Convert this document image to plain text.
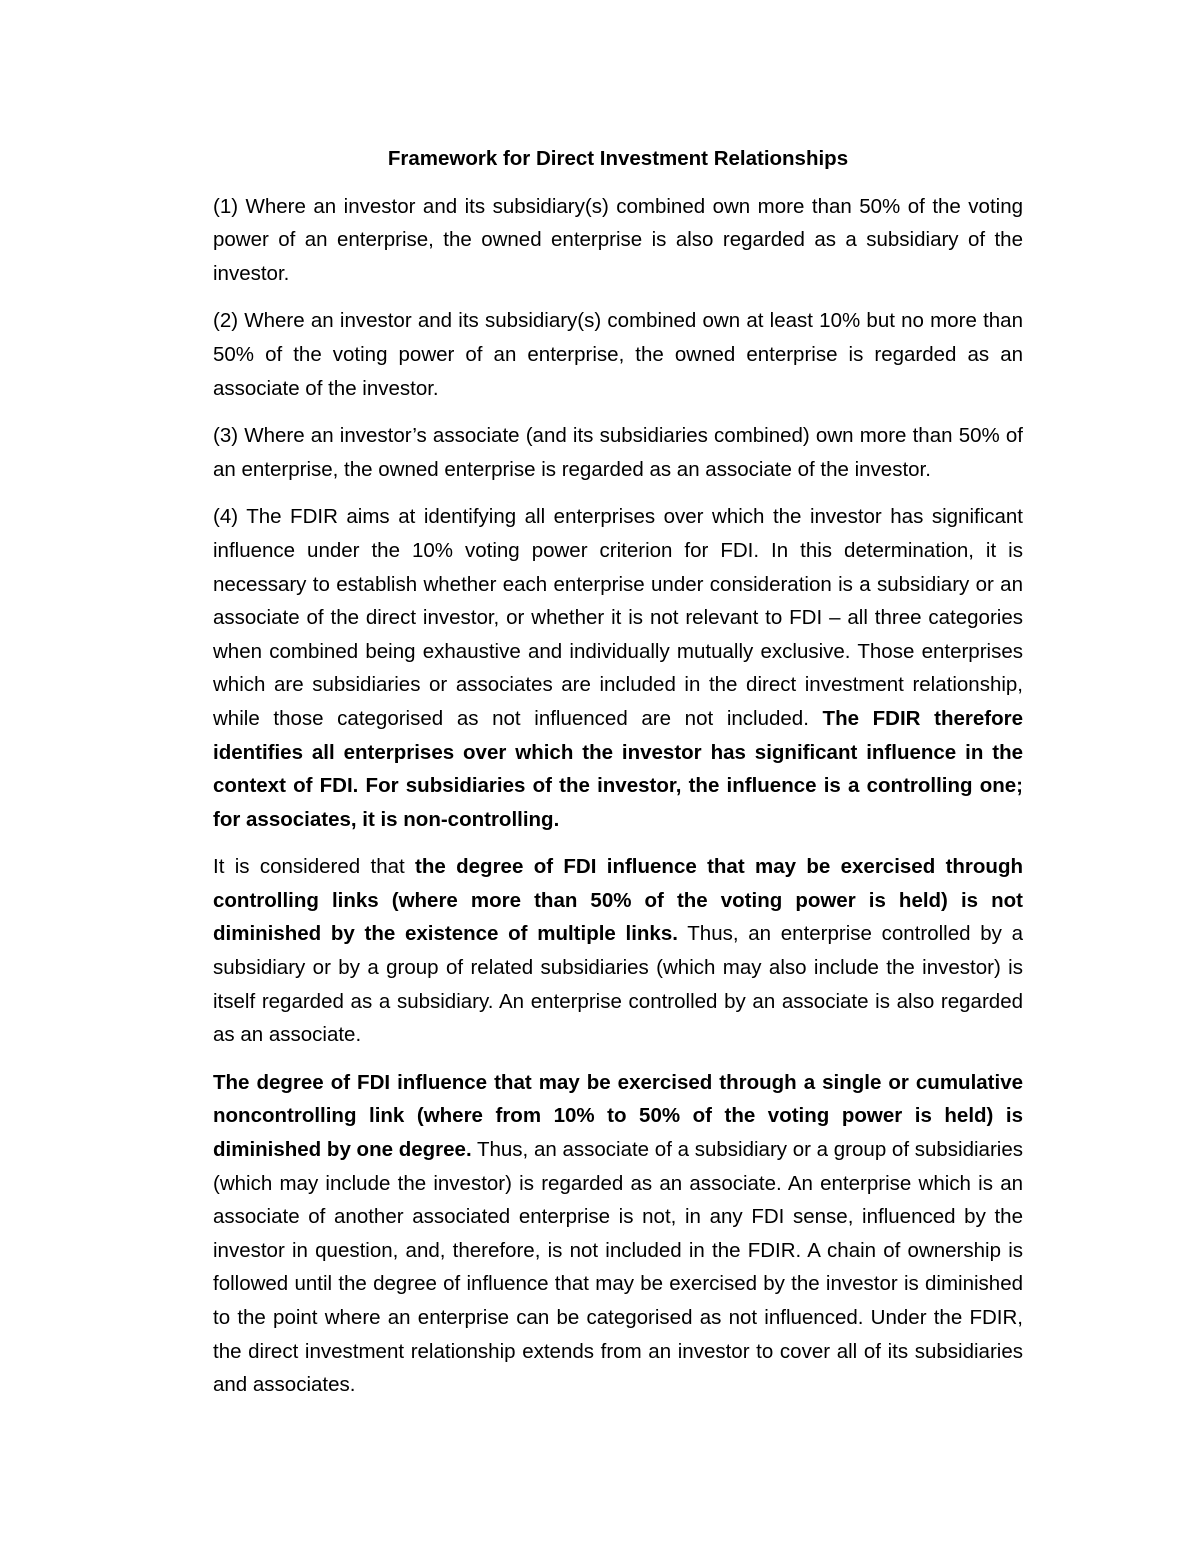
Framework for Direct Investment Relationships

(1) Where an investor and its subsidiary(s) combined own more than 50% of the voting power of an enterprise, the owned enterprise is also regarded as a subsidiary of the investor.

(2) Where an investor and its subsidiary(s) combined own at least 10% but no more than 50% of the voting power of an enterprise, the owned enterprise is regarded as an associate of the investor.

(3) Where an investor’s associate (and its subsidiaries combined) own more than 50% of an enterprise, the owned enterprise is regarded as an associate of the investor.

(4) The FDIR aims at identifying all enterprises over which the investor has significant influence under the 10% voting power criterion for FDI. In this determination, it is necessary to establish whether each enterprise under consideration is a subsidiary or an associate of the direct investor, or whether it is not relevant to FDI – all three categories when combined being exhaustive and individually mutually exclusive. Those enterprises which are subsidiaries or associates are included in the direct investment relationship, while those categorised as not influenced are not included. The FDIR therefore identifies all enterprises over which the investor has significant influence in the context of FDI. For subsidiaries of the investor, the influence is a controlling one; for associates, it is non-controlling.

It is considered that the degree of FDI influence that may be exercised through controlling links (where more than 50% of the voting power is held) is not diminished by the existence of multiple links. Thus, an enterprise controlled by a subsidiary or by a group of related subsidiaries (which may also include the investor) is itself regarded as a subsidiary. An enterprise controlled by an associate is also regarded as an associate.

The degree of FDI influence that may be exercised through a single or cumulative noncontrolling link (where from 10% to 50% of the voting power is held) is diminished by one degree. Thus, an associate of a subsidiary or a group of subsidiaries (which may include the investor) is regarded as an associate. An enterprise which is an associate of another associated enterprise is not, in any FDI sense, influenced by the investor in question, and, therefore, is not included in the FDIR. A chain of ownership is followed until the degree of influence that may be exercised by the investor is diminished to the point where an enterprise can be categorised as not influenced. Under the FDIR, the direct investment relationship extends from an investor to cover all of its subsidiaries and associates.
